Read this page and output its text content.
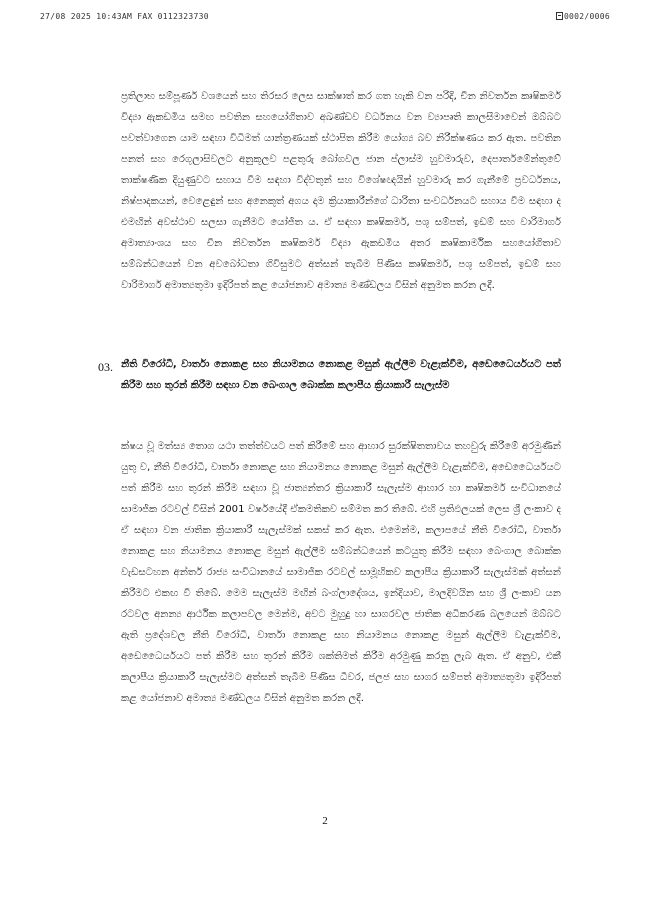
27/08 2025 10:43AM FAX 0112323730	0002/0006
ප්‍රතිලාභ සම්පූර්ණ වශයෙන් සහ තිරසර ලෙස සාක්ෂාත් කර ගත හැකි වන පරිදි, චීන නිවර්තන කෘෂිකර්ම විද්‍යා ඇකඩමිය සමඟ පවතින සහයෝගිතාව අඛණ්ඩව වර්ධනය වන ව්‍යාපෘති කාලසීමාවෙන් ඔබ්බට පවත්වාගෙන යාම සඳහා විධිමත් යාන්ත්‍රණයක් ස්ථාපිත කිරීම යෝග්‍ය බව නිරීක්ෂණය කර ඇත. පවතින පනත් සහ රෙගුලාසිවලට අනුකූලව පළතුරු බෝගවල ජාන ප්ලාස්ම හුවමාරුව, දෙපාර්තමේන්තුවේ තාක්ෂණික දියුණුවට සහාය වීම සඳහා විද්වතුන් සහ විශේෂඥයින් හුවමාරු කර ගැනීමේ ප්‍රවර්ධනය, නිෂ්පාදකයන්, වෙළෙඳුන් සහ අනෙකුත් අගය දාම ක්‍රියාකාරීන්ගේ ධාරිතා සංවර්ධනයට සහාය වීම සඳහා ද එමඟින් අවස්ථාව සලසා ගැනීමට යෝජිත ය. ඒ සඳහා කෘෂිකර්ම, පශු සම්පත්, ඉඩම් සහ වාරිමාර්ග අමාත්‍යාංශය සහ චීන නිවර්තන කෘෂිකර්ම විද්‍යා ඇකඩමිය අතර කෘෂිකාර්මික සහයෝගිතාව සම්බන්ධයෙන් වන අවබෝධතා ගිවිසුමට අත්සන් තැබීම පිණිස කෘෂිකර්ම, පශු සම්පත්, ඉඩම් සහ වාරිමාර්ග අමාත්‍යතුමා ඉදිරිපත් කළ යෝජනාව අමාත්‍ය මණ්ඩලය විසින් අනුමත කරන ලදී.
03. නීති විරෝධී, වාර්තා නොකළ සහ නියාමනය නොකළ මසුන් ඇල්ලීම වැළැක්වීම, අඩෙධෛර්යයට පත් කිරීම සහ තුරන් කිරීම සඳහා වන බෙංගාල බොක්ක කලාපීය ක්‍රියාකාරී සැලැස්ම
ක්ෂය වූ මත්ස්‍ය තොග යථා තත්ත්වයට පත් කිරීමේ සහ ආහාර සුරක්ෂිතතාවය තහවුරු කිරීමේ අරමුණින් යුතු ව, නීති විරෝධී, වාර්තා නොකළ සහ නියාමනය නොකළ මසුන් ඇල්ලීම වැළැක්වීම, අඩෙධෛර්යයට පත් කිරීම සහ තුරන් කිරීම සඳහා වූ ජාත්‍යන්තර ක්‍රියාකාරී සැලැස්ම ආහාර හා කෘෂිකර්ම සංවිධානයේ සාමාජික රටවල් විසින් 2001 වර්ෂයේදී ඒකමතිකව සම්මත කර තිබේ. එහි ප්‍රතිඵලයක් ලෙස ශ්‍රී ලංකාව ද ඒ සඳහා වන ජාතික ක්‍රියාකාරී සැලැස්මක් සකස් කර ඇත. එමෙන්ම, කලාපයේ නීති විරෝධී, වාර්තා නොකළ සහ නියාමනය නොකළ මසුන් ඇල්ලීම සම්බන්ධයෙන් කටයුතු කිරීම සඳහා බෙංගාල බොක්ක වැඩසටහන අන්තර් රාජ්‍ය සංවිධානයේ සාමාජික රටවල් සාමූහිකව කලාපීය ක්‍රියාකාරී සැලැස්මක් අත්සන් කිරීමට එකඟ වී තිබේ. මෙම සැලැස්ම මඟින් බංග්ලාදේශය, ඉන්දියාව, මාලදිවයින සහ ශ්‍රී ලංකාව යන රටවල අනන්‍ය ආර්ථික කලාපවල මෙන්ම, අවට මුහුදු හා සාගරවල ජාතික අධිකරණ බලයෙන් ඔබ්බට ඇති ප්‍රදේශවල නීති විරෝධී, වාර්තා නොකළ සහ නියාමනය නොකළ මසුන් ඇල්ලීම වැළැක්වීම, අඩෙධෛර්යයට පත් කිරීම සහ තුරන් කිරීම ශක්තිමත් කිරීම අරමුණු කරනු ලැබ ඇත. ඒ අනුව, එකී කලාපීය ක්‍රියාකාරී සැලැස්මට අත්සන් තැබීම පිණිස ධීවර, ජලජ සහ සාගර සම්පත් අමාත්‍යතුමා ඉදිරිපත් කළ යෝජනාව අමාත්‍ය මණ්ඩලය විසින් අනුමත කරන ලදී.
2
